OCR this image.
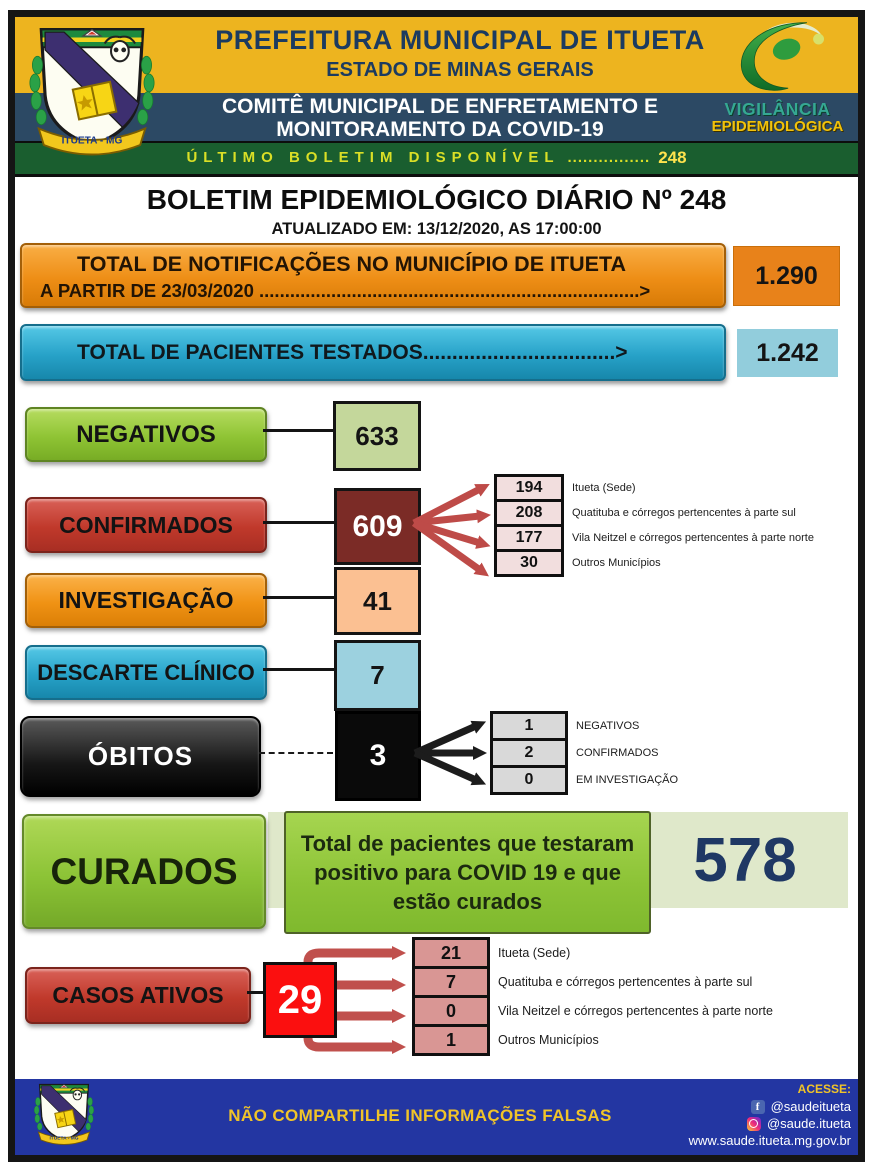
PREFEITURA MUNICIPAL DE ITUETA
ESTADO DE MINAS GERAIS
COMITÊ MUNICIPAL DE ENFRETAMENTO E
MONITORAMENTO DA COVID-19
ÚLTIMO BOLETIM DISPONÍVEL ................ 248
VIGILÂNCIA
EPIDEMIOLÓGICA
BOLETIM EPIDEMIOLÓGICO DIÁRIO Nº 248
ATUALIZADO EM: 13/12/2020, AS 17:00:00
TOTAL DE NOTIFICAÇÕES NO MUNICÍPIO DE ITUETA
A PARTIR DE 23/03/2020 ..........................................................................>
1.290
TOTAL DE PACIENTES TESTADOS.................................>	1.242
NEGATIVOS	633
CONFIRMADOS	609
194	Itueta (Sede)
208	Quatituba e córregos pertencentes à parte sul
177	Vila Neitzel e córregos pertencentes à parte norte
30	Outros Municípios
INVESTIGAÇÃO	41
DESCARTE CLÍNICO	7
ÓBITOS	3
1	NEGATIVOS
2	CONFIRMADOS
0	EM INVESTIGAÇÃO
CURADOS
Total de pacientes que testaram positivo para COVID 19 e que estão curados
578
CASOS ATIVOS	29
21	Itueta (Sede)
7	Quatituba e córregos pertencentes à parte sul
0	Vila Neitzel e córregos pertencentes à parte norte
1	Outros Municípios
NÃO COMPARTILHE INFORMAÇÕES FALSAS
ACESSE:
f @saudeitueta
@saude.itueta
www.saude.itueta.mg.gov.br
